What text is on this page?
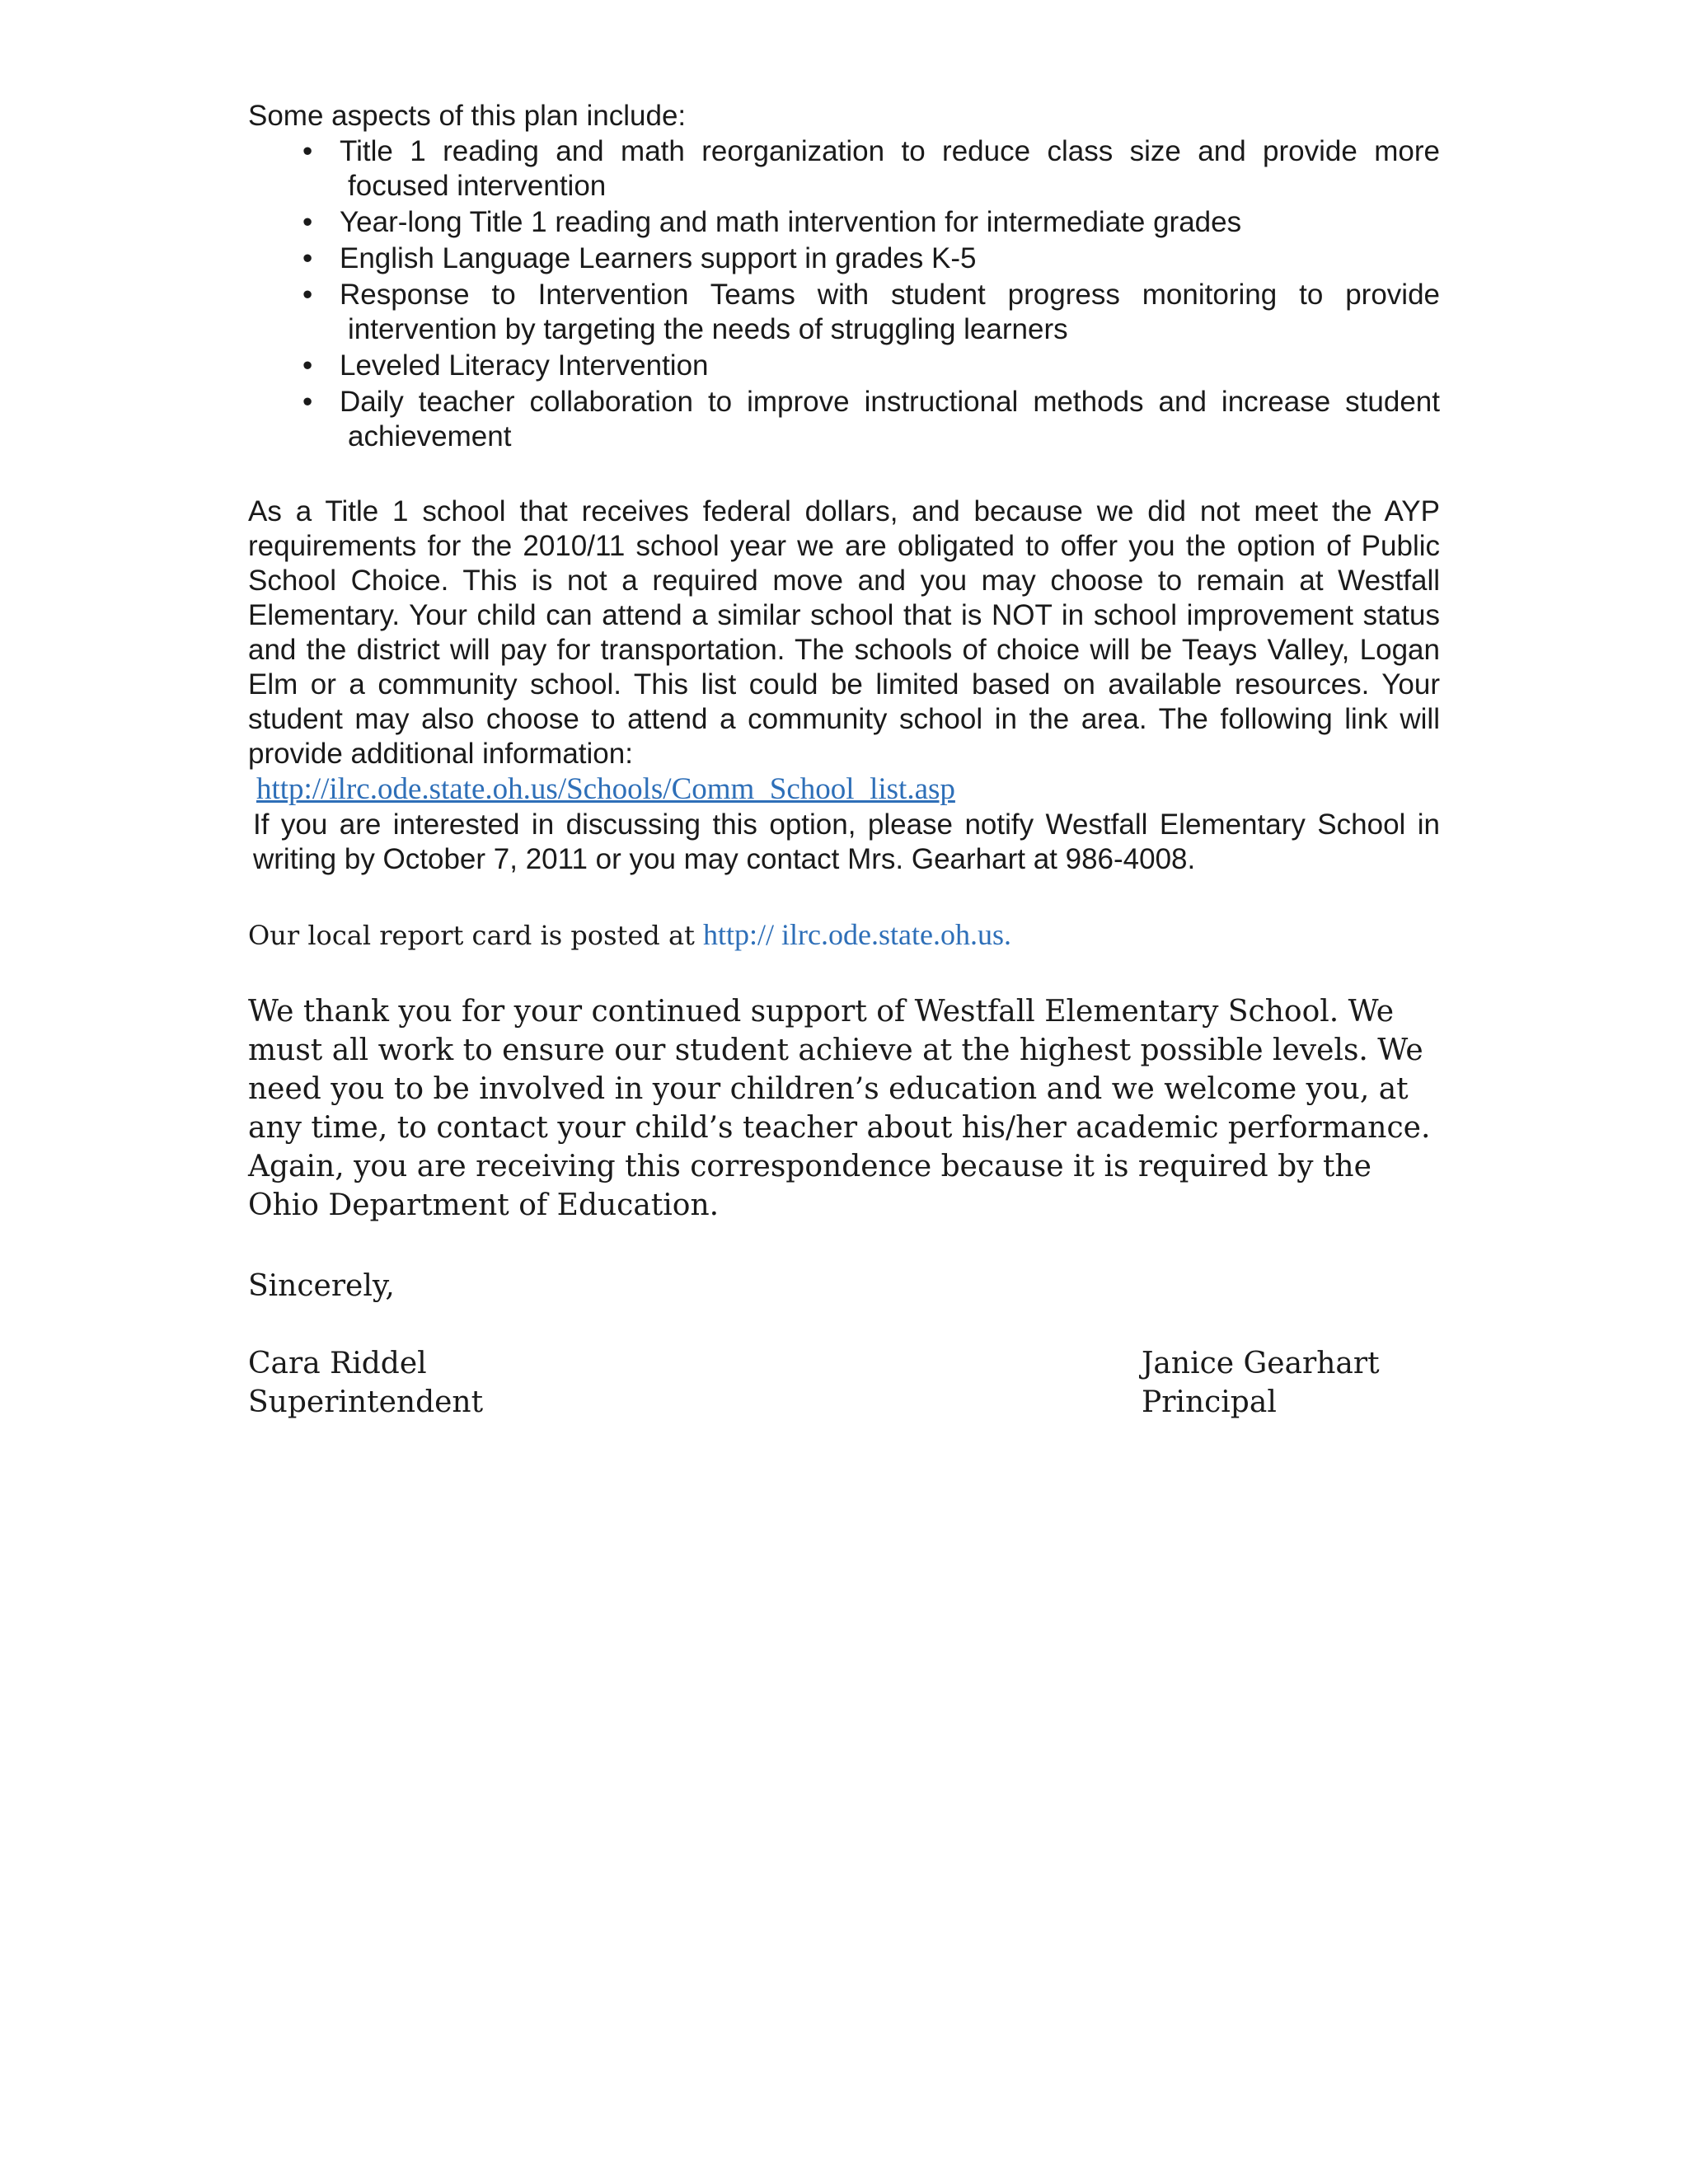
Some aspects of this plan include:
• Title 1 reading and math reorganization to reduce class size and provide more focused intervention
• Year-long Title 1 reading and math intervention for intermediate grades
• English Language Learners support in grades K-5
• Response to Intervention Teams with student progress monitoring to provide intervention by targeting the needs of struggling learners
• Leveled Literacy Intervention
• Daily teacher collaboration to improve instructional methods and increase student achievement

As a Title 1 school that receives federal dollars, and because we did not meet the AYP requirements for the 2010/11 school year we are obligated to offer you the option of Public School Choice. This is not a required move and you may choose to remain at Westfall Elementary. Your child can attend a similar school that is NOT in school improvement status and the district will pay for transportation. The schools of choice will be Teays Valley, Logan Elm or a community school. This list could be limited based on available resources. Your student may also choose to attend a community school in the area. The following link will provide additional information:

http://ilrc.ode.state.oh.us/Schools/Comm_School_list.asp

If you are interested in discussing this option, please notify Westfall Elementary School in writing by October 7, 2011 or you may contact Mrs. Gearhart at 986-4008.

Our local report card is posted at http:// ilrc.ode.state.oh.us.

We thank you for your continued support of Westfall Elementary School. We must all work to ensure our student achieve at the highest possible levels. We need you to be involved in your children’s education and we welcome you, at any time, to contact your child’s teacher about his/her academic performance. Again, you are receiving this correspondence because it is required by the Ohio Department of Education.

Sincerely,
Cara Riddel
Superintendent
Janice Gearhart
Principal
